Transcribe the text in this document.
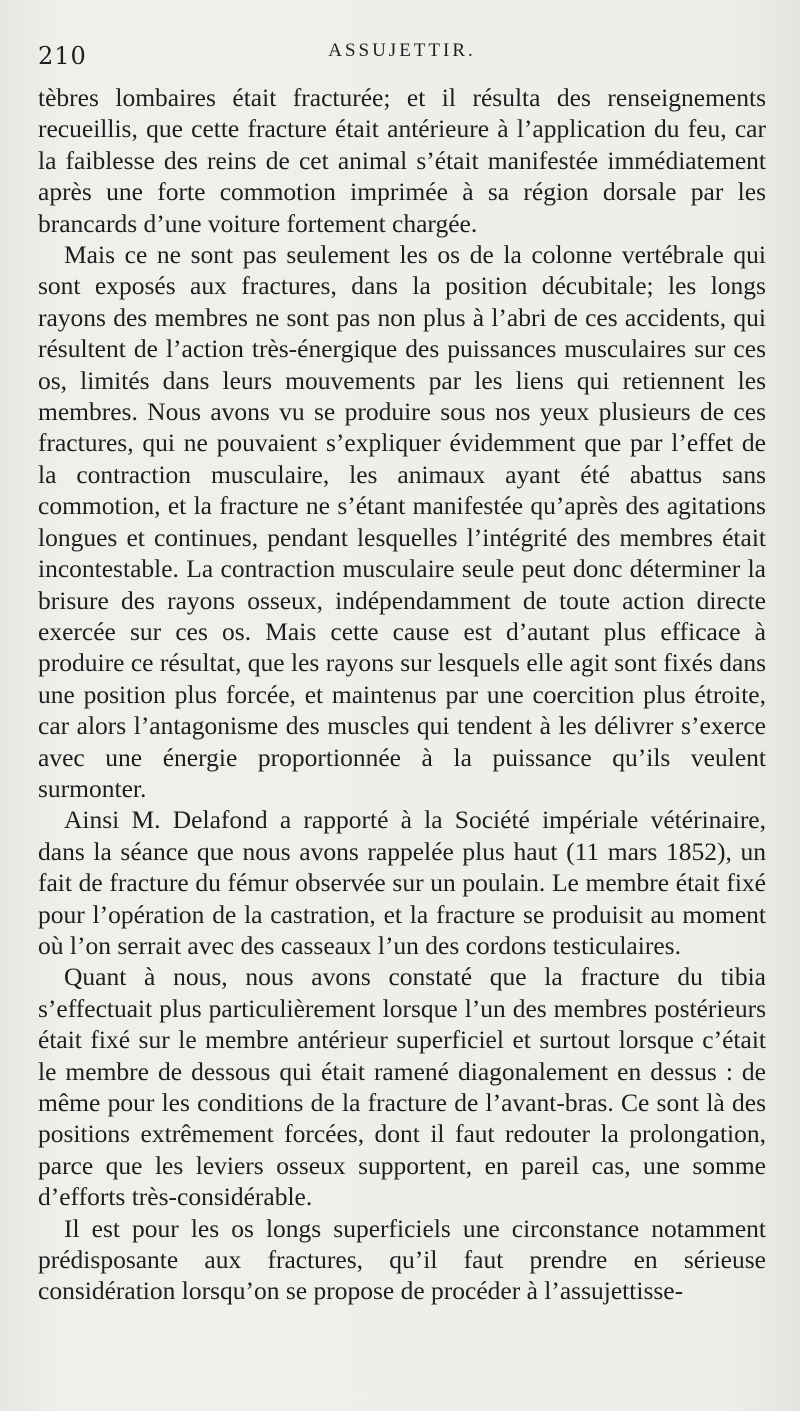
210	ASSUJETTIR.

tèbres lombaires était fracturée; et il résulta des renseignements recueillis, que cette fracture était antérieure à l’application du feu, car la faiblesse des reins de cet animal s’était manifestée immédiatement après une forte commotion imprimée à sa région dorsale par les brancards d’une voiture fortement chargée.

Mais ce ne sont pas seulement les os de la colonne vertébrale qui sont exposés aux fractures, dans la position décubitale; les longs rayons des membres ne sont pas non plus à l’abri de ces accidents, qui résultent de l’action très-énergique des puissances musculaires sur ces os, limités dans leurs mouvements par les liens qui retiennent les membres. Nous avons vu se produire sous nos yeux plusieurs de ces fractures, qui ne pouvaient s’expliquer évidemment que par l’effet de la contraction musculaire, les animaux ayant été abattus sans commotion, et la fracture ne s’étant manifestée qu’après des agitations longues et continues, pendant lesquelles l’intégrité des membres était incontestable. La contraction musculaire seule peut donc déterminer la brisure des rayons osseux, indépendamment de toute action directe exercée sur ces os. Mais cette cause est d’autant plus efficace à produire ce résultat, que les rayons sur lesquels elle agit sont fixés dans une position plus forcée, et maintenus par une coercition plus étroite, car alors l’antagonisme des muscles qui tendent à les délivrer s’exerce avec une énergie proportionnée à la puissance qu’ils veulent surmonter.

Ainsi M. Delafond a rapporté à la Société impériale vétérinaire, dans la séance que nous avons rappelée plus haut (11 mars 1852), un fait de fracture du fémur observée sur un poulain. Le membre était fixé pour l’opération de la castration, et la fracture se produisit au moment où l’on serrait avec des casseaux l’un des cordons testiculaires.

Quant à nous, nous avons constaté que la fracture du tibia s’effectuait plus particulièrement lorsque l’un des membres postérieurs était fixé sur le membre antérieur superficiel et surtout lorsque c’était le membre de dessous qui était ramené diagonalement en dessus : de même pour les conditions de la fracture de l’avant-bras. Ce sont là des positions extrêmement forcées, dont il faut redouter la prolongation, parce que les leviers osseux supportent, en pareil cas, une somme d’efforts très-considérable.

Il est pour les os longs superficiels une circonstance notamment prédisposante aux fractures, qu’il faut prendre en sérieuse considération lorsqu’on se propose de procéder à l’assujettisse-
